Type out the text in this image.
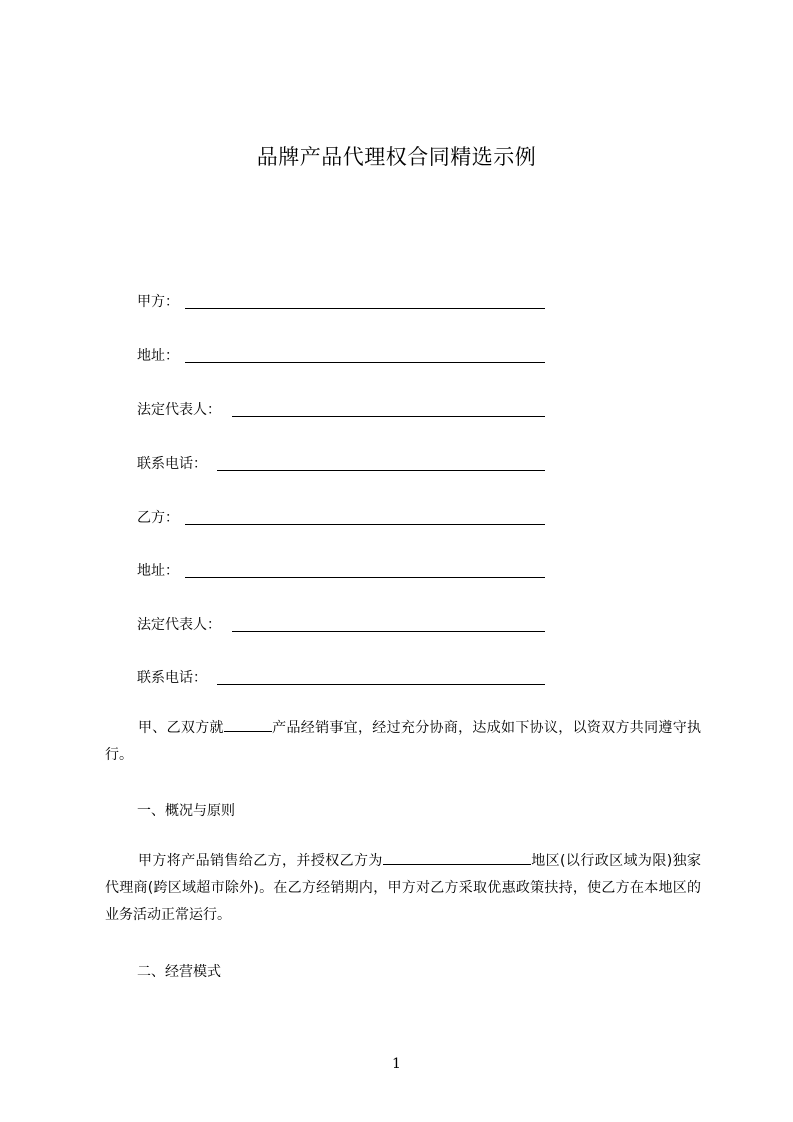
品牌产品代理权合同精选示例
甲方：
地址：
法定代表人：
联系电话：
乙方：
地址：
法定代表人：
联系电话：
甲、乙双方就	产品经销事宜，经过充分协商，达成如下协议，以资双方共同遵守执行。
一、概况与原则
甲方将产品销售给乙方，并授权乙方为	地区(以行政区域为限)独家代理商(跨区域超市除外)。在乙方经销期内，甲方对乙方采取优惠政策扶持，使乙方在本地区的业务活动正常运行。
二、经营模式
1
